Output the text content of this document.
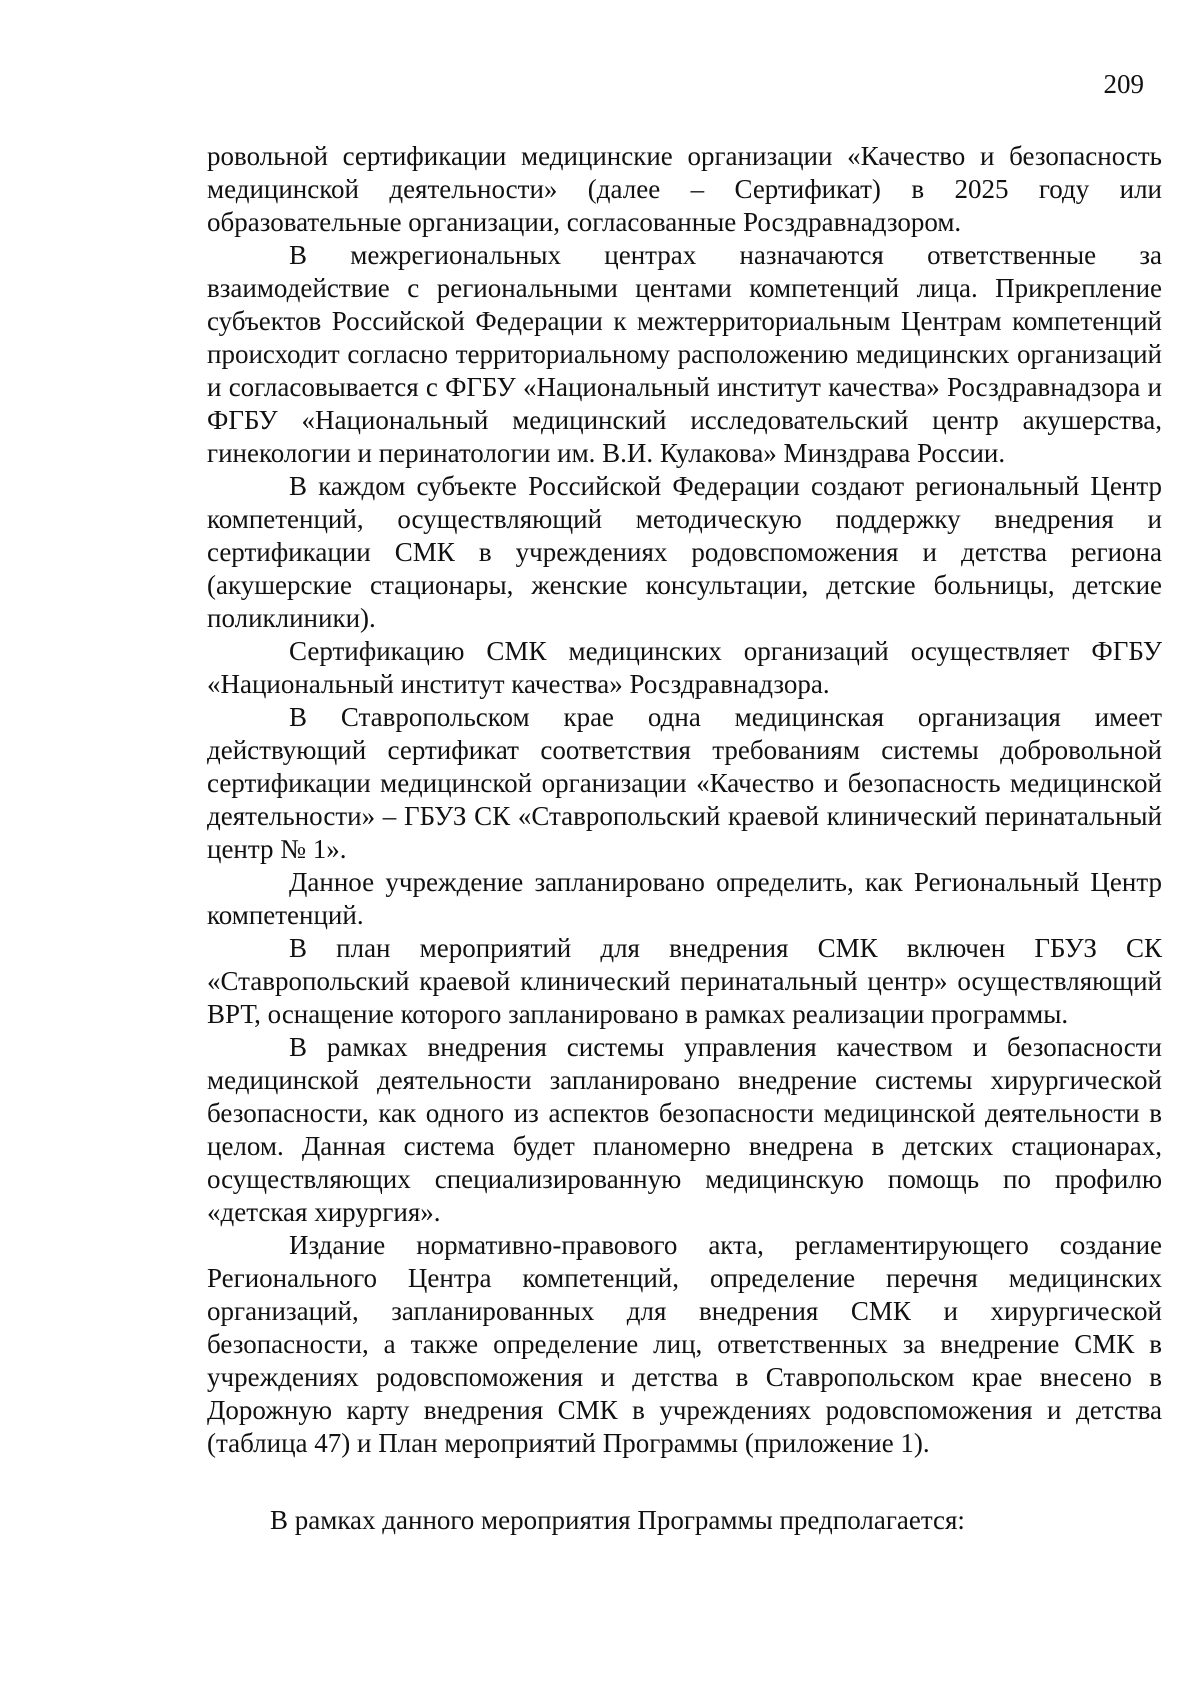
209

ровольной сертификации медицинские организации «Качество и безопасность медицинской деятельности» (далее – Сертификат) в 2025 году или образовательные организации, согласованные Росздравнадзором.

В межрегиональных центрах назначаются ответственные за взаимодействие с региональными центами компетенций лица. Прикрепление субъектов Российской Федерации к межтерриториальным Центрам компетенций происходит согласно территориальному расположению медицинских организаций и согласовывается с ФГБУ «Национальный институт качества» Росздравнадзора и ФГБУ «Национальный медицинский исследовательский центр акушерства, гинекологии и перинатологии им. В.И. Кулакова» Минздрава России.

В каждом субъекте Российской Федерации создают региональный Центр компетенций, осуществляющий методическую поддержку внедрения и сертификации СМК в учреждениях родовспоможения и детства региона (акушерские стационары, женские консультации, детские больницы, детские поликлиники).

Сертификацию СМК медицинских организаций осуществляет ФГБУ «Национальный институт качества» Росздравнадзора.

В Ставропольском крае одна медицинская организация имеет действующий сертификат соответствия требованиям системы добровольной сертификации медицинской организации «Качество и безопасность медицинской деятельности» – ГБУЗ СК «Ставропольский краевой клинический перинатальный центр № 1».

Данное учреждение запланировано определить, как Региональный Центр компетенций.

В план мероприятий для внедрения СМК включен ГБУЗ СК «Ставропольский краевой клинический перинатальный центр» осуществляющий ВРТ, оснащение которого запланировано в рамках реализации программы.

В рамках внедрения системы управления качеством и безопасности медицинской деятельности запланировано внедрение системы хирургической безопасности, как одного из аспектов безопасности медицинской деятельности в целом. Данная система будет планомерно внедрена в детских стационарах, осуществляющих специализированную медицинскую помощь по профилю «детская хирургия».

Издание нормативно-правового акта, регламентирующего создание Регионального Центра компетенций, определение перечня медицинских организаций, запланированных для внедрения СМК и хирургической безопасности, а также определение лиц, ответственных за внедрение СМК в учреждениях родовспоможения и детства в Ставропольском крае внесено в Дорожную карту внедрения СМК в учреждениях родовспоможения и детства (таблица 47) и План мероприятий Программы (приложение 1).

В рамках данного мероприятия Программы предполагается:
